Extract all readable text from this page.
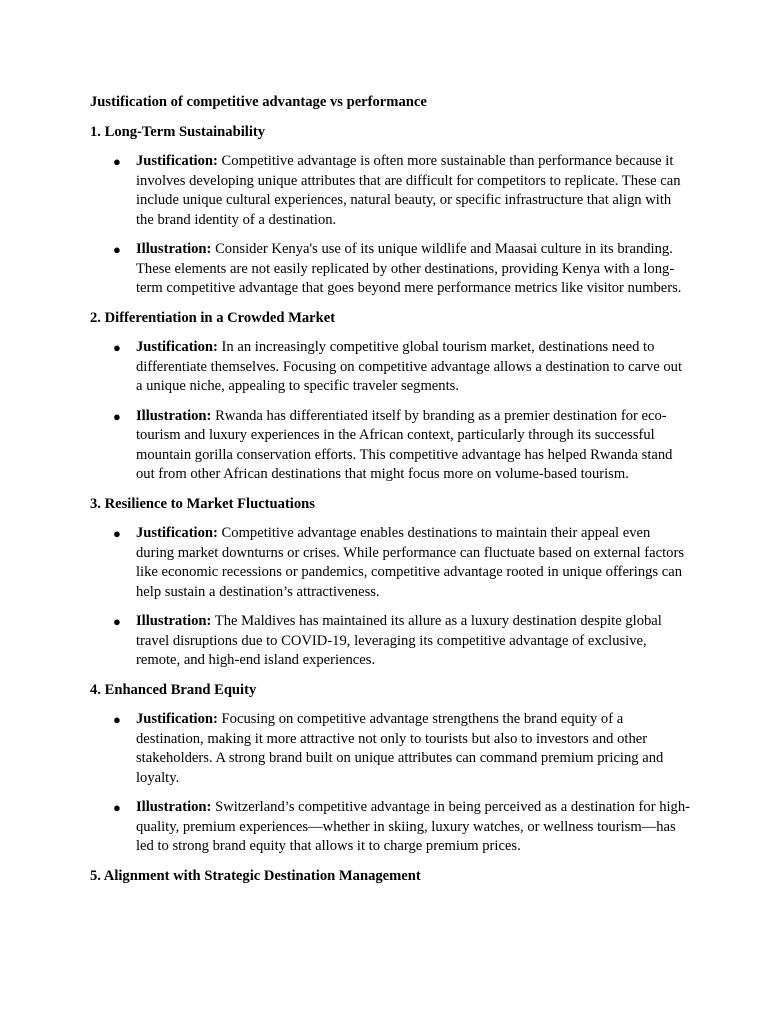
Justification of competitive advantage vs performance

1. Long-Term Sustainability

● Justification: Competitive advantage is often more sustainable than performance because it involves developing unique attributes that are difficult for competitors to replicate. These can include unique cultural experiences, natural beauty, or specific infrastructure that align with the brand identity of a destination.
● Illustration: Consider Kenya's use of its unique wildlife and Maasai culture in its branding. These elements are not easily replicated by other destinations, providing Kenya with a long-term competitive advantage that goes beyond mere performance metrics like visitor numbers.

2. Differentiation in a Crowded Market

● Justification: In an increasingly competitive global tourism market, destinations need to differentiate themselves. Focusing on competitive advantage allows a destination to carve out a unique niche, appealing to specific traveler segments.
● Illustration: Rwanda has differentiated itself by branding as a premier destination for eco-tourism and luxury experiences in the African context, particularly through its successful mountain gorilla conservation efforts. This competitive advantage has helped Rwanda stand out from other African destinations that might focus more on volume-based tourism.

3. Resilience to Market Fluctuations

● Justification: Competitive advantage enables destinations to maintain their appeal even during market downturns or crises. While performance can fluctuate based on external factors like economic recessions or pandemics, competitive advantage rooted in unique offerings can help sustain a destination’s attractiveness.
● Illustration: The Maldives has maintained its allure as a luxury destination despite global travel disruptions due to COVID-19, leveraging its competitive advantage of exclusive, remote, and high-end island experiences.

4. Enhanced Brand Equity

● Justification: Focusing on competitive advantage strengthens the brand equity of a destination, making it more attractive not only to tourists but also to investors and other stakeholders. A strong brand built on unique attributes can command premium pricing and loyalty.
● Illustration: Switzerland’s competitive advantage in being perceived as a destination for high-quality, premium experiences—whether in skiing, luxury watches, or wellness tourism—has led to strong brand equity that allows it to charge premium prices.

5. Alignment with Strategic Destination Management
